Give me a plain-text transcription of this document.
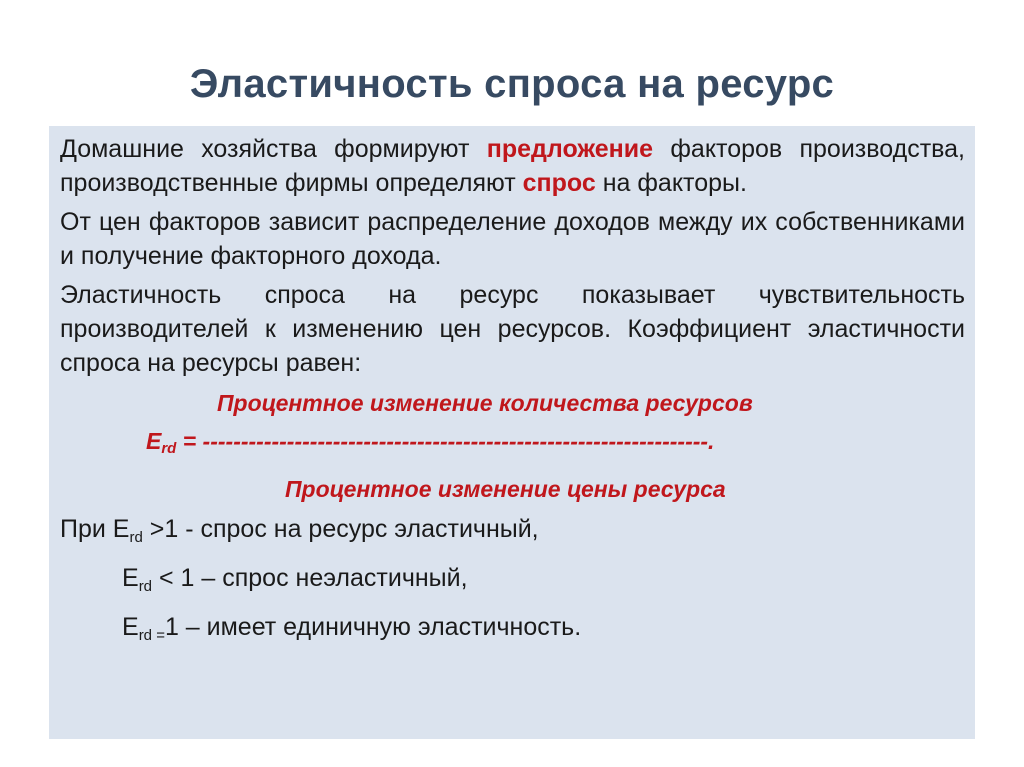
Эластичность спроса на ресурс

Домашние хозяйства формируют предложение факторов производства, производственные фирмы определяют спрос на факторы.

От цен факторов зависит распределение доходов между их собственниками и получение факторного дохода.

Эластичность спроса на ресурс показывает чувствительность производителей к изменению цен ресурсов. Коэффициент эластичности спроса на ресурсы равен:

Процентное изменение количества ресурсов
$E_{rd}$ = ------------------------------------------------------------------.
Процентное изменение цены ресурса
При $E_{rd} >1$ - спрос на ресурс эластичный,
$E_{rd} < 1$ – спрос неэластичный,
$E_{rd =}1$ – имеет единичную эластичность.
